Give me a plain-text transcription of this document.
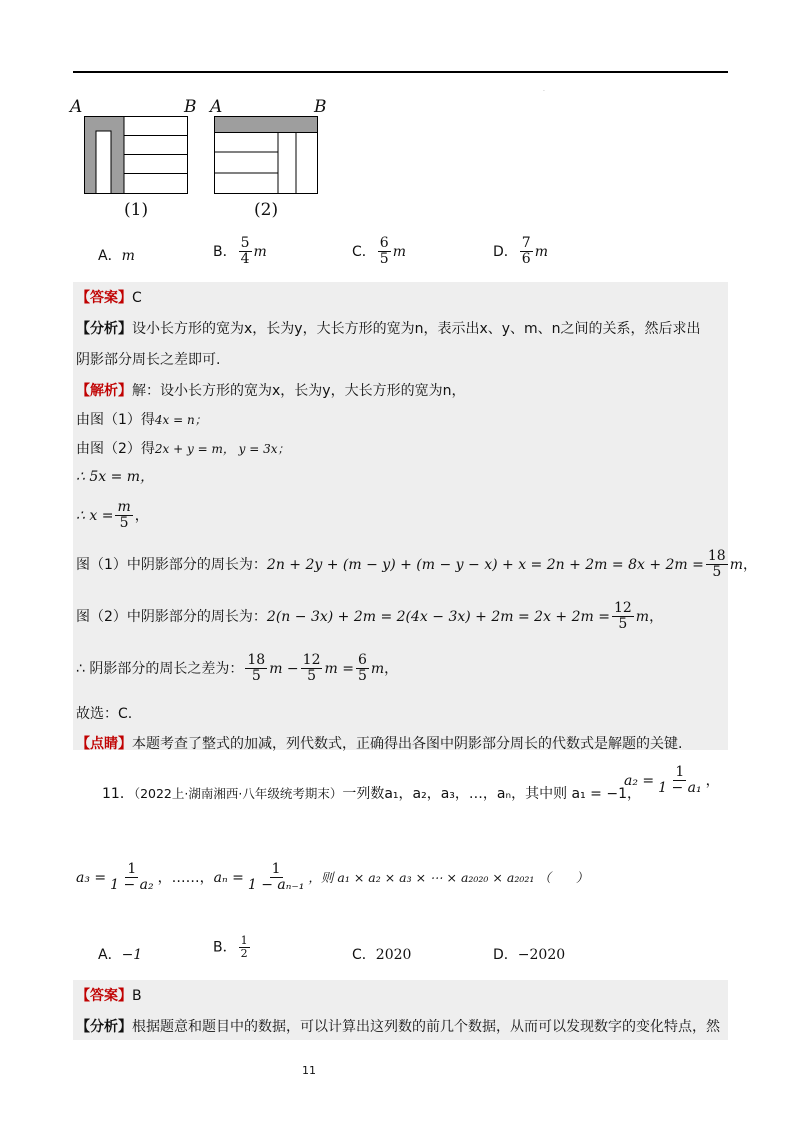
.
A	B A	B
(1)	(2)
A．m	B． $\frac{5}{4}$ m	C． $\frac{6}{5}$ m	D． $\frac{7}{6}$ m
【答案】C
【分析】设小长方形的宽为x，长为y，大长方形的宽为n，表示出x、y、m、n之间的关系，然后求出
阴影部分周长之差即可.
【解析】解：设小长方形的宽为x，长为y，大长方形的宽为n，
由图（1）得4x = n；
由图（2）得2x + y = m， y = 3x；
∴ 5x = m，
∴ $x = \frac{m}{5}$ ，
图（1）中阴影部分的周长为：$2n + 2y + (m - y) + (m - y - x) + x = 2n + 2m = 8x + 2m = \frac{18}{5}$ m，
图（2）中阴影部分的周长为：$2(n - 3x) + 2m = 2(4x - 3x) + 2m = 2x + 2m = \frac{12}{5}$ m，
∴ 阴影部分的周长之差为： $\frac{18}{5}$ $m - \frac{12}{5}$ $m = \frac{6}{5}$ m，
故选：C.
【点睛】本题考查了整式的加减，列代数式，正确得出各图中阴影部分周长的代数式是解题的关键.
11．（2022上·湖南湘西·八年级统考期末）一列数a₁，a₂，a₃，…，aₙ，其中则 a₁ = −1，
$a_2 = \frac{1}{\text{1 − a₁}}$ ，
$a_3 = \frac{1}{\text{1 − a₂}}$ ，……，$a_n = \frac{1}{\text{1 − aₙ₋₁}}$ ，则 a₁ × a₂ × a₃ × ⋯ × a₂₀₂₀ × a₂₀₂₁ （　　）
A．−1	B． $\frac{1}{2}$	C．2020	D．−2020
【答案】B
【分析】根据题意和题目中的数据，可以计算出这列数的前几个数据，从而可以发现数字的变化特点，然
11
